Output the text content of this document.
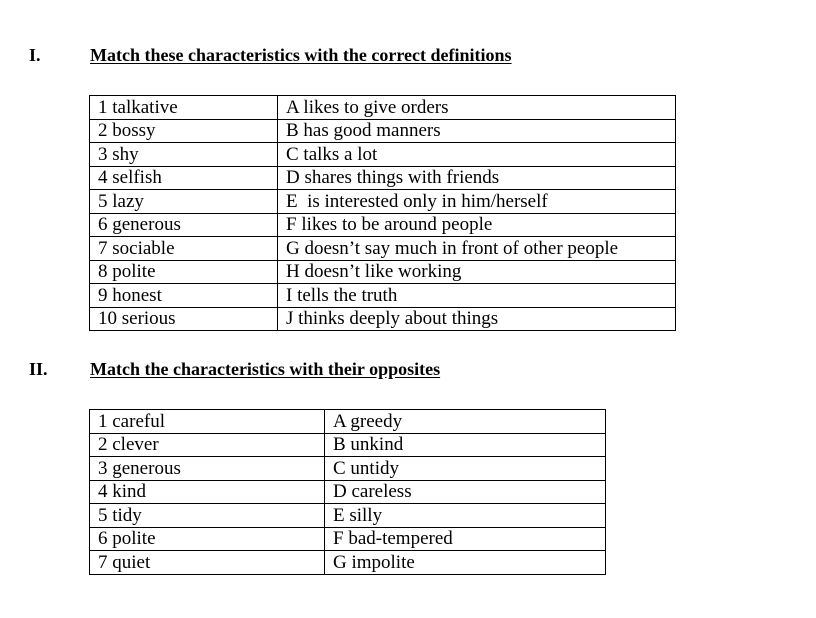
I.	Match these characteristics with the correct definitions
1 talkative	A likes to give orders
2 bossy	B has good manners
3 shy	C talks a lot
4 selfish	D shares things with friends
5 lazy	E  is interested only in him/herself
6 generous	F likes to be around people
7 sociable	G doesn’t say much in front of other people
8 polite	H doesn’t like working
9 honest	I tells the truth
10 serious	J thinks deeply about things
II. Match the characteristics with their opposites
1 careful	A greedy
2 clever	B unkind
3 generous	C untidy
4 kind	D careless
5 tidy	E silly
6 polite	F bad-tempered
7 quiet	G impolite
